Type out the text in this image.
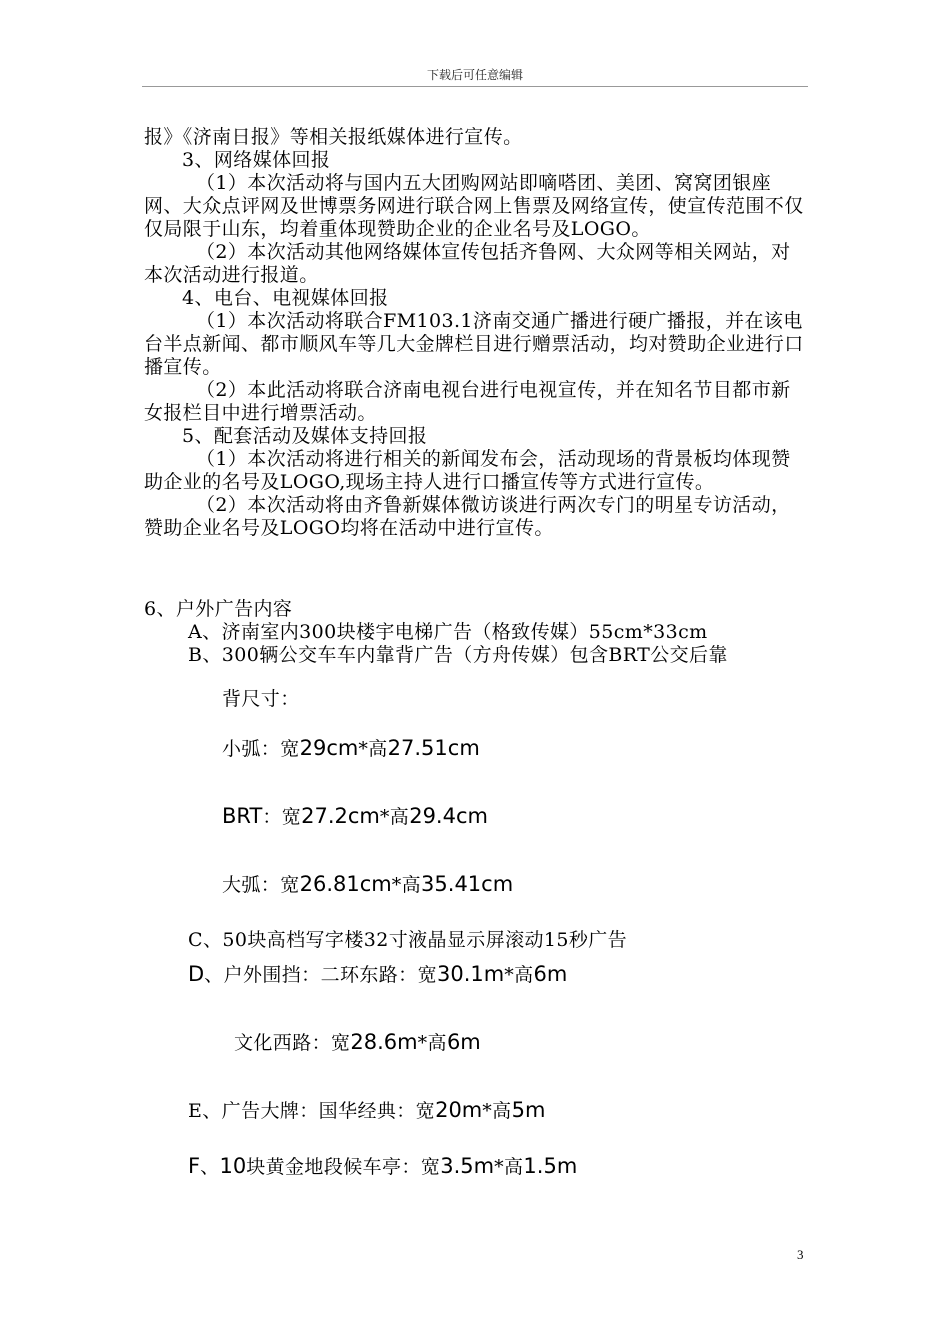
下载后可任意编辑

报》《济南日报》等相关报纸媒体进行宣传。

3、网络媒体回报

（1）本次活动将与国内五大团购网站即嘀嗒团、美团、窝窝团银座网、大众点评网及世博票务网进行联合网上售票及网络宣传，使宣传范围不仅仅局限于山东，均着重体现赞助企业的企业名号及LOGO。

（2）本次活动其他网络媒体宣传包括齐鲁网、大众网等相关网站，对本次活动进行报道。

4、电台、电视媒体回报

（1）本次活动将联合FM103.1济南交通广播进行硬广播报，并在该电台半点新闻、都市顺风车等几大金牌栏目进行赠票活动，均对赞助企业进行口播宣传。

（2）本此活动将联合济南电视台进行电视宣传，并在知名节目都市新女报栏目中进行增票活动。

5、配套活动及媒体支持回报

（1）本次活动将进行相关的新闻发布会，活动现场的背景板均体现赞助企业的名号及LOGO,现场主持人进行口播宣传等方式进行宣传。

（2）本次活动将由齐鲁新媒体微访谈进行两次专门的明星专访活动，赞助企业名号及LOGO均将在活动中进行宣传。

6、户外广告内容
A、济南室内300块楼宇电梯广告（格致传媒）55cm*33cm
B、300辆公交车车内靠背广告（方舟传媒）包含BRT公交后靠
背尺寸：
小弧：宽29cm*高27.51cm
BRT：宽27.2cm*高29.4cm
大弧：宽26.81cm*高35.41cm
C、50块高档写字楼32寸液晶显示屏滚动15秒广告
D、户外围挡：二环东路：宽30.1m*高6m
文化西路：宽28.6m*高6m
E、广告大牌：国华经典：宽20m*高5m
F、10块黄金地段候车亭：宽3.5m*高1.5m
3
